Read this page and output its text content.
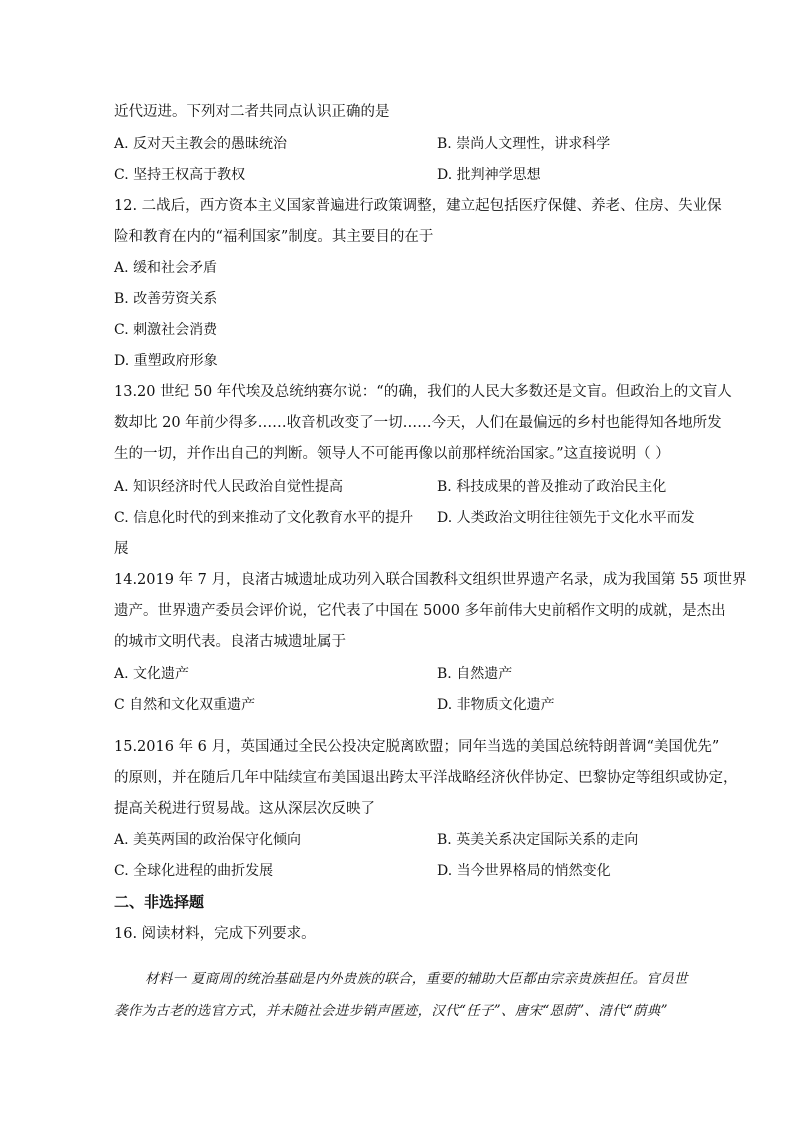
近代迈进。下列对二者共同点认识正确的是
A. 反对天主教会的愚昧统治	B. 崇尚人文理性，讲求科学
C. 坚持王权高于教权	D. 批判神学思想
12. 二战后，西方资本主义国家普遍进行政策调整，建立起包括医疗保健、养老、住房、失业保
险和教育在内的“福利国家”制度。其主要目的在于
A. 缓和社会矛盾
B. 改善劳资关系
C. 刺激社会消费
D. 重塑政府形象
13.20 世纪 50 年代埃及总统纳赛尔说：“的确，我们的人民大多数还是文盲。但政治上的文盲人
数却比 20 年前少得多……收音机改变了一切……今天，人们在最偏远的乡村也能得知各地所发
生的一切，并作出自己的判断。领导人不可能再像以前那样统治国家。”这直接说明（ ）
A. 知识经济时代人民政治自觉性提高	B. 科技成果的普及推动了政治民主化
C. 信息化时代的到来推动了文化教育水平的提升 D. 人类政治文明往往领先于文化水平而发
展
14.2019 年 7 月，良渚古城遗址成功列入联合国教科文组织世界遗产名录，成为我国第 55 项世界
遗产。世界遗产委员会评价说，它代表了中国在 5000 多年前伟大史前稻作文明的成就，是杰出
的城市文明代表。良渚古城遗址属于
A. 文化遗产	B. 自然遗产
C 自然和文化双重遗产	D. 非物质文化遗产
15.2016 年 6 月，英国通过全民公投决定脱离欧盟；同年当选的美国总统特朗普调“美国优先”
的原则，并在随后几年中陆续宣布美国退出跨太平洋战略经济伙伴协定、巴黎协定等组织或协定，
提高关税进行贸易战。这从深层次反映了
A. 美英两国的政治保守化倾向	B. 英美关系决定国际关系的走向
C. 全球化进程的曲折发展	D. 当今世界格局的悄然变化
二、非选择题
16. 阅读材料，完成下列要求。
材料一 夏商周的统治基础是内外贵族的联合，重要的辅助大臣都由宗亲贵族担任。官员世
袭作为古老的选官方式，并未随社会进步销声匿迹，汉代“任子”、唐宋“恩荫”、清代“荫典”
